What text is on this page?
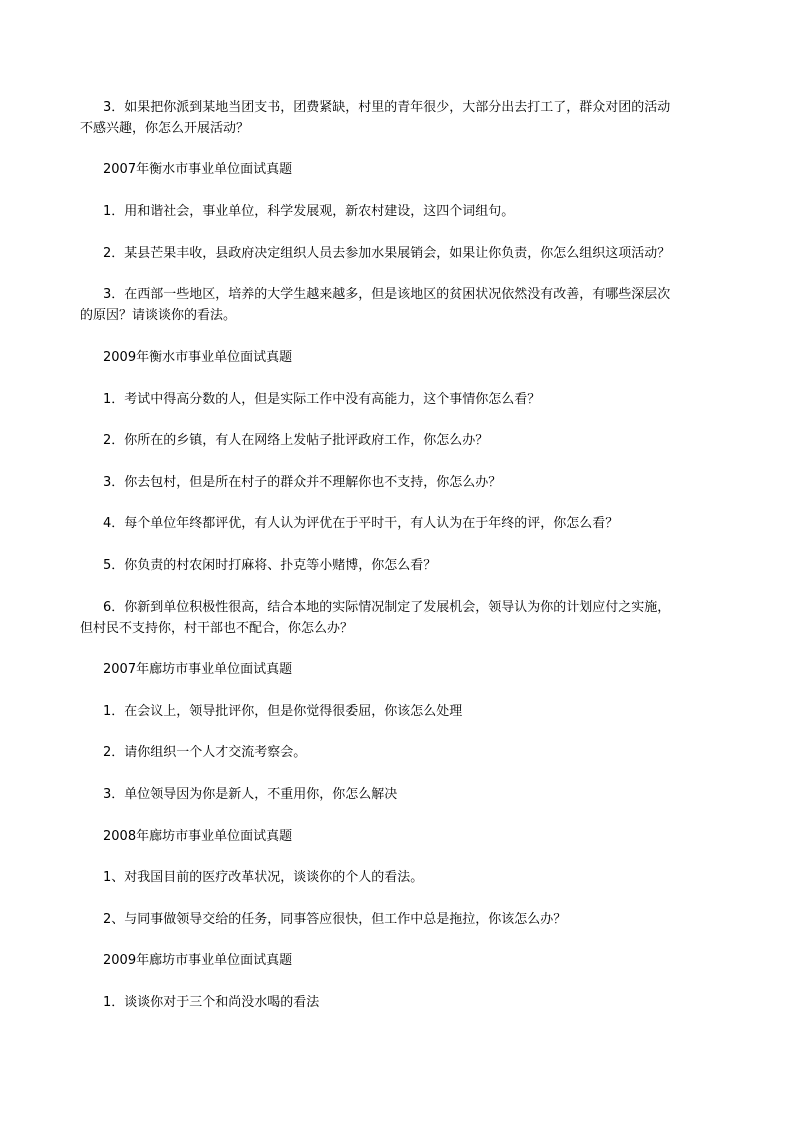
3．如果把你派到某地当团支书，团费紧缺，村里的青年很少，大部分出去打工了，群众对团的活动
不感兴趣，你怎么开展活动？

2007年衡水市事业单位面试真题

1．用和谐社会，事业单位，科学发展观，新农村建设，这四个词组句。

2．某县芒果丰收，县政府决定组织人员去参加水果展销会，如果让你负责，你怎么组织这项活动？

3．在西部一些地区，培养的大学生越来越多，但是该地区的贫困状况依然没有改善，有哪些深层次
的原因？请谈谈你的看法。

2009年衡水市事业单位面试真题

1．考试中得高分数的人，但是实际工作中没有高能力，这个事情你怎么看？

2．你所在的乡镇，有人在网络上发帖子批评政府工作，你怎么办？

3．你去包村，但是所在村子的群众并不理解你也不支持，你怎么办？

4．每个单位年终都评优，有人认为评优在于平时干，有人认为在于年终的评，你怎么看？

5．你负责的村农闲时打麻将、扑克等小赌博，你怎么看？

6．你新到单位积极性很高，结合本地的实际情况制定了发展机会，领导认为你的计划应付之实施，
但村民不支持你，村干部也不配合，你怎么办？

2007年廊坊市事业单位面试真题

1．在会议上，领导批评你，但是你觉得很委屈，你该怎么处理

2．请你组织一个人才交流考察会。

3．单位领导因为你是新人，不重用你，你怎么解决

2008年廊坊市事业单位面试真题

1、对我国目前的医疗改革状况，谈谈你的个人的看法。

2、与同事做领导交给的任务，同事答应很快，但工作中总是拖拉，你该怎么办？

2009年廊坊市事业单位面试真题

1．谈谈你对于三个和尚没水喝的看法
